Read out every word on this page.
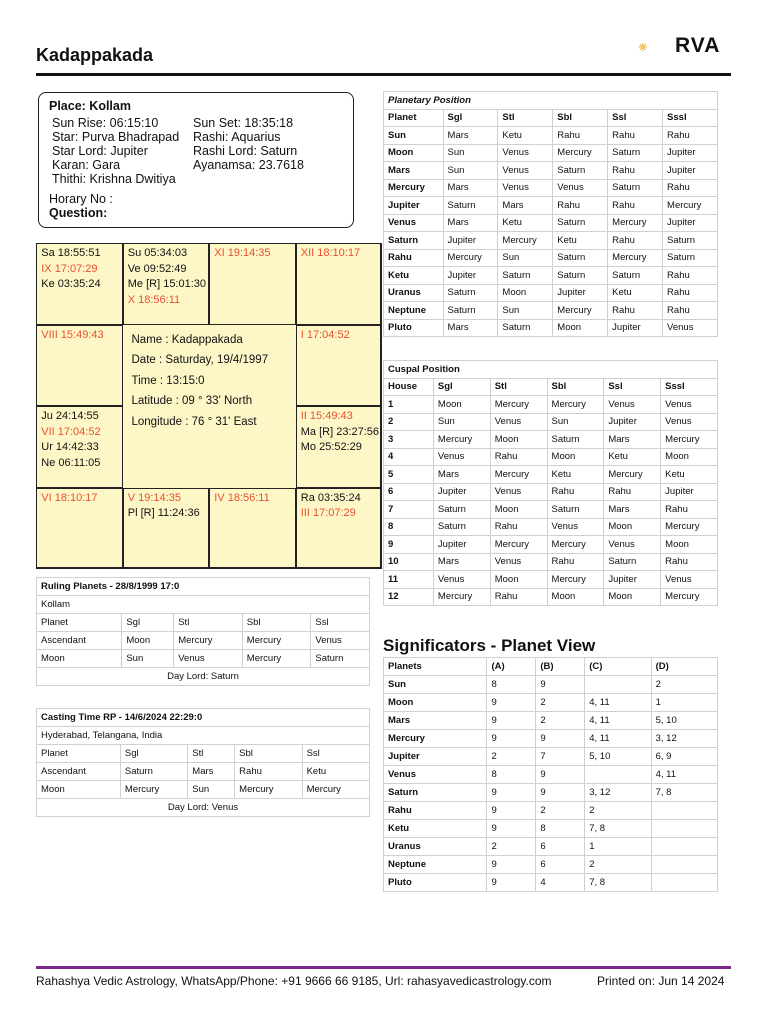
Kadappakada	RVA
Place: Kollam
Sun Rise: 06:15:10
Star: Purva Bhadrapad
Star Lord: Jupiter
Karan: Gara
Thithi: Krishna Dwitiya
Sun Set: 18:35:18
Rashi: Aquarius
Rashi Lord: Saturn
Ayanamsa: 23.7618
Horary No :
Question:
Sa 18:55:51
IX 17:07:29
Ke 03:35:24
Su 05:34:03
Ve 09:52:49
Me [R] 15:01:30
X 18:56:11
XI 19:14:35	XII 18:10:17
VIII 15:49:43	I 17:04:52
Ju 24:14:55
VII 17:04:52
Ur 14:42:33
Ne 06:11:05
II 15:49:43
Ma [R] 23:27:56
Mo 25:52:29
VI 18:10:17	V 19:14:35
Pl [R] 11:24:36
IV 18:56:11	Ra 03:35:24
III 17:07:29
Name : Kadappakada
Date : Saturday, 19/4/1997
Time : 13:15:0
Latitude : 09 ° 33' North
Longitude : 76 ° 31' East
Ruling Planets - 28/8/1999 17:0				
Kollam				
Planet	Sgl	Stl	Sbl	Ssl
Ascendant	Moon	Mercury	Mercury	Venus
Moon	Sun	Venus	Mercury	Saturn
Day Lord: Saturn				
Casting Time RP - 14/6/2024 22:29:0				
Hyderabad, Telangana, India				
Planet	Sgl	Stl	Sbl	Ssl
Ascendant	Saturn	Mars	Rahu	Ketu
Moon	Mercury	Sun	Mercury	Mercury
Day Lord: Venus				
Planetary Position					
Planet	Sgl	Stl	Sbl	Ssl	Sssl
Sun	Mars	Ketu	Rahu	Rahu	Rahu
Moon	Sun	Venus	Mercury	Saturn	Jupiter
Mars	Sun	Venus	Saturn	Rahu	Jupiter
Mercury	Mars	Venus	Venus	Saturn	Rahu
Jupiter	Saturn	Mars	Rahu	Rahu	Mercury
Venus	Mars	Ketu	Saturn	Mercury	Jupiter
Saturn	Jupiter	Mercury	Ketu	Rahu	Saturn
Rahu	Mercury	Sun	Saturn	Mercury	Saturn
Ketu	Jupiter	Saturn	Saturn	Saturn	Rahu
Uranus	Saturn	Moon	Jupiter	Ketu	Rahu
Neptune	Saturn	Sun	Mercury	Rahu	Rahu
Pluto	Mars	Saturn	Moon	Jupiter	Venus
Cuspal Position					
House	Sgl	Stl	Sbl	Ssl	Sssl
1	Moon	Mercury	Mercury	Venus	Venus
2	Sun	Venus	Sun	Jupiter	Venus
3	Mercury	Moon	Saturn	Mars	Mercury
4	Venus	Rahu	Moon	Ketu	Moon
5	Mars	Mercury	Ketu	Mercury	Ketu
6	Jupiter	Venus	Rahu	Rahu	Jupiter
7	Saturn	Moon	Saturn	Mars	Rahu
8	Saturn	Rahu	Venus	Moon	Mercury
9	Jupiter	Mercury	Mercury	Venus	Moon
10	Mars	Venus	Rahu	Saturn	Rahu
11	Venus	Moon	Mercury	Jupiter	Venus
12	Mercury	Rahu	Moon	Moon	Mercury
Significators - Planet View
Planets	(A)	(B)	(C)	(D)
Sun	8	9		2
Moon	9	2	4, 11	1
Mars	9	2	4, 11	5, 10
Mercury	9	9	4, 11	3, 12
Jupiter	2	7	5, 10	6, 9
Venus	8	9		4, 11
Saturn	9	9	3, 12	7, 8
Rahu	9	2	2	
Ketu	9	8	7, 8	
Uranus	2	6	1	
Neptune	9	6	2	
Pluto	9	4	7, 8	
Rahashya Vedic Astrology, WhatsApp/Phone: +91 9666 66 9185, Url: rahasyavedicastrology.com	Printed on: Jun 14 2024
